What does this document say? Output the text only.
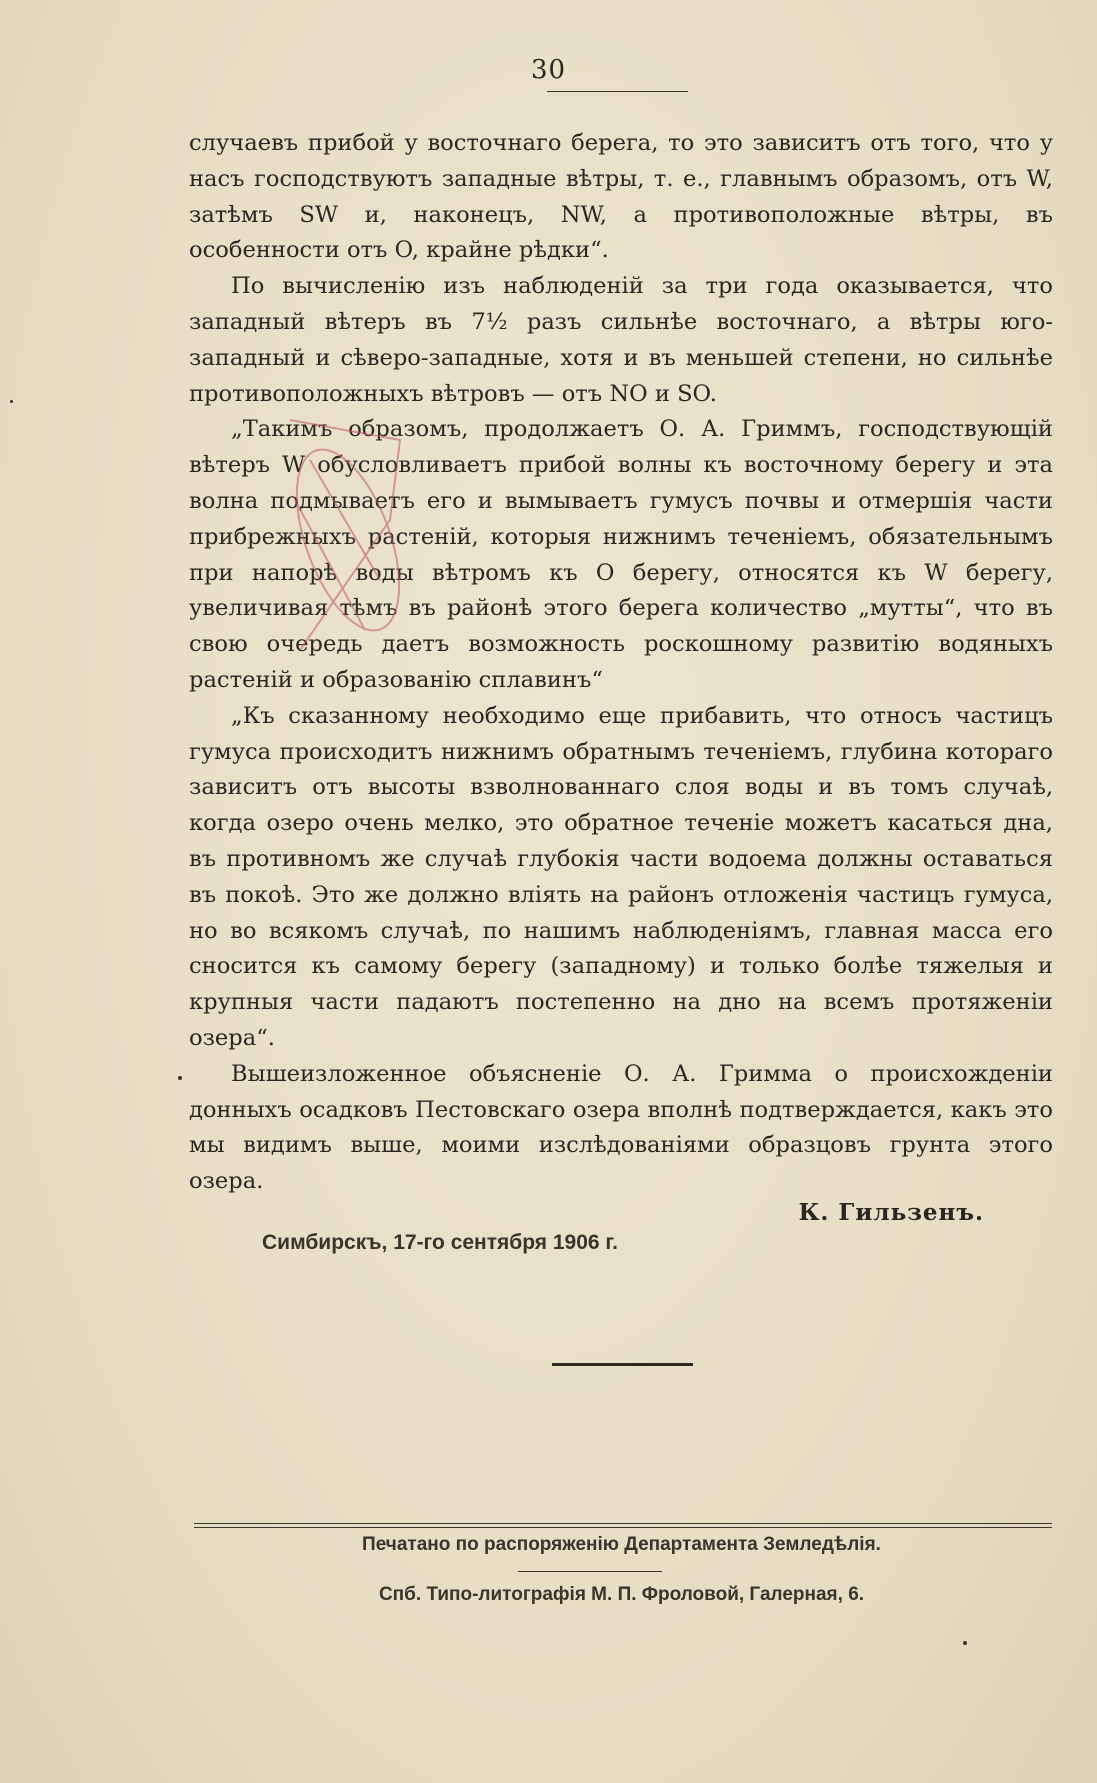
30

случаевъ прибой у восточнаго берега, то это зависитъ отъ того, что у насъ господствуютъ западные вѣтры, т. е., главнымъ образомъ, отъ W, затѣмъ SW и, наконецъ, NW, а противоположные вѣтры, въ особенности отъ O, крайне рѣдки“.

По вычисленію изъ наблюденій за три года оказывается, что западный вѣтеръ въ 7½ разъ сильнѣе восточнаго, а вѣтры юго-западный и сѣверо-западные, хотя и въ меньшей степени, но сильнѣе противоположныхъ вѣтровъ — отъ NO и SO.

„Такимъ образомъ, продолжаетъ О. А. Гриммъ, господствующій вѣтеръ W обусловливаетъ прибой волны къ восточному берегу и эта волна подмываетъ его и вымываетъ гумусъ почвы и отмершія части прибрежныхъ растеній, которыя нижнимъ теченіемъ, обязательнымъ при напорѣ воды вѣтромъ къ O берегу, относятся къ W берегу, увеличивая тѣмъ въ районѣ этого берега количество „мутты“, что въ свою очередь даетъ возможность роскошному развитію водяныхъ растеній и образованію сплавинъ“

„Къ сказанному необходимо еще прибавить, что относъ частицъ гумуса происходитъ нижнимъ обратнымъ теченіемъ, глубина котораго зависитъ отъ высоты взволнованнаго слоя воды и въ томъ случаѣ, когда озеро очень мелко, это обратное теченіе можетъ касаться дна, въ противномъ же случаѣ глубокія части водоема должны оставаться въ покоѣ. Это же должно вліять на районъ отложенія частицъ гумуса, но во всякомъ случаѣ, по нашимъ наблюденіямъ, главная масса его сносится къ самому берегу (западному) и только болѣе тяжелыя и крупныя части падаютъ постепенно на дно на всемъ протяженіи озера“.

Вышеизложенное объясненіе О. А. Гримма о происхожденіи донныхъ осадковъ Пестовскаго озера вполнѣ подтверждается, какъ это мы видимъ выше, моими изслѣдованіями образцовъ грунта этого озера.

К. Гильзенъ.
Симбирскъ, 17-го сентября 1906 г.
Печатано по распоряженію Департамента Земледѣлія.
Спб. Типо-литографія М. П. Фроловой, Галерная, 6.
